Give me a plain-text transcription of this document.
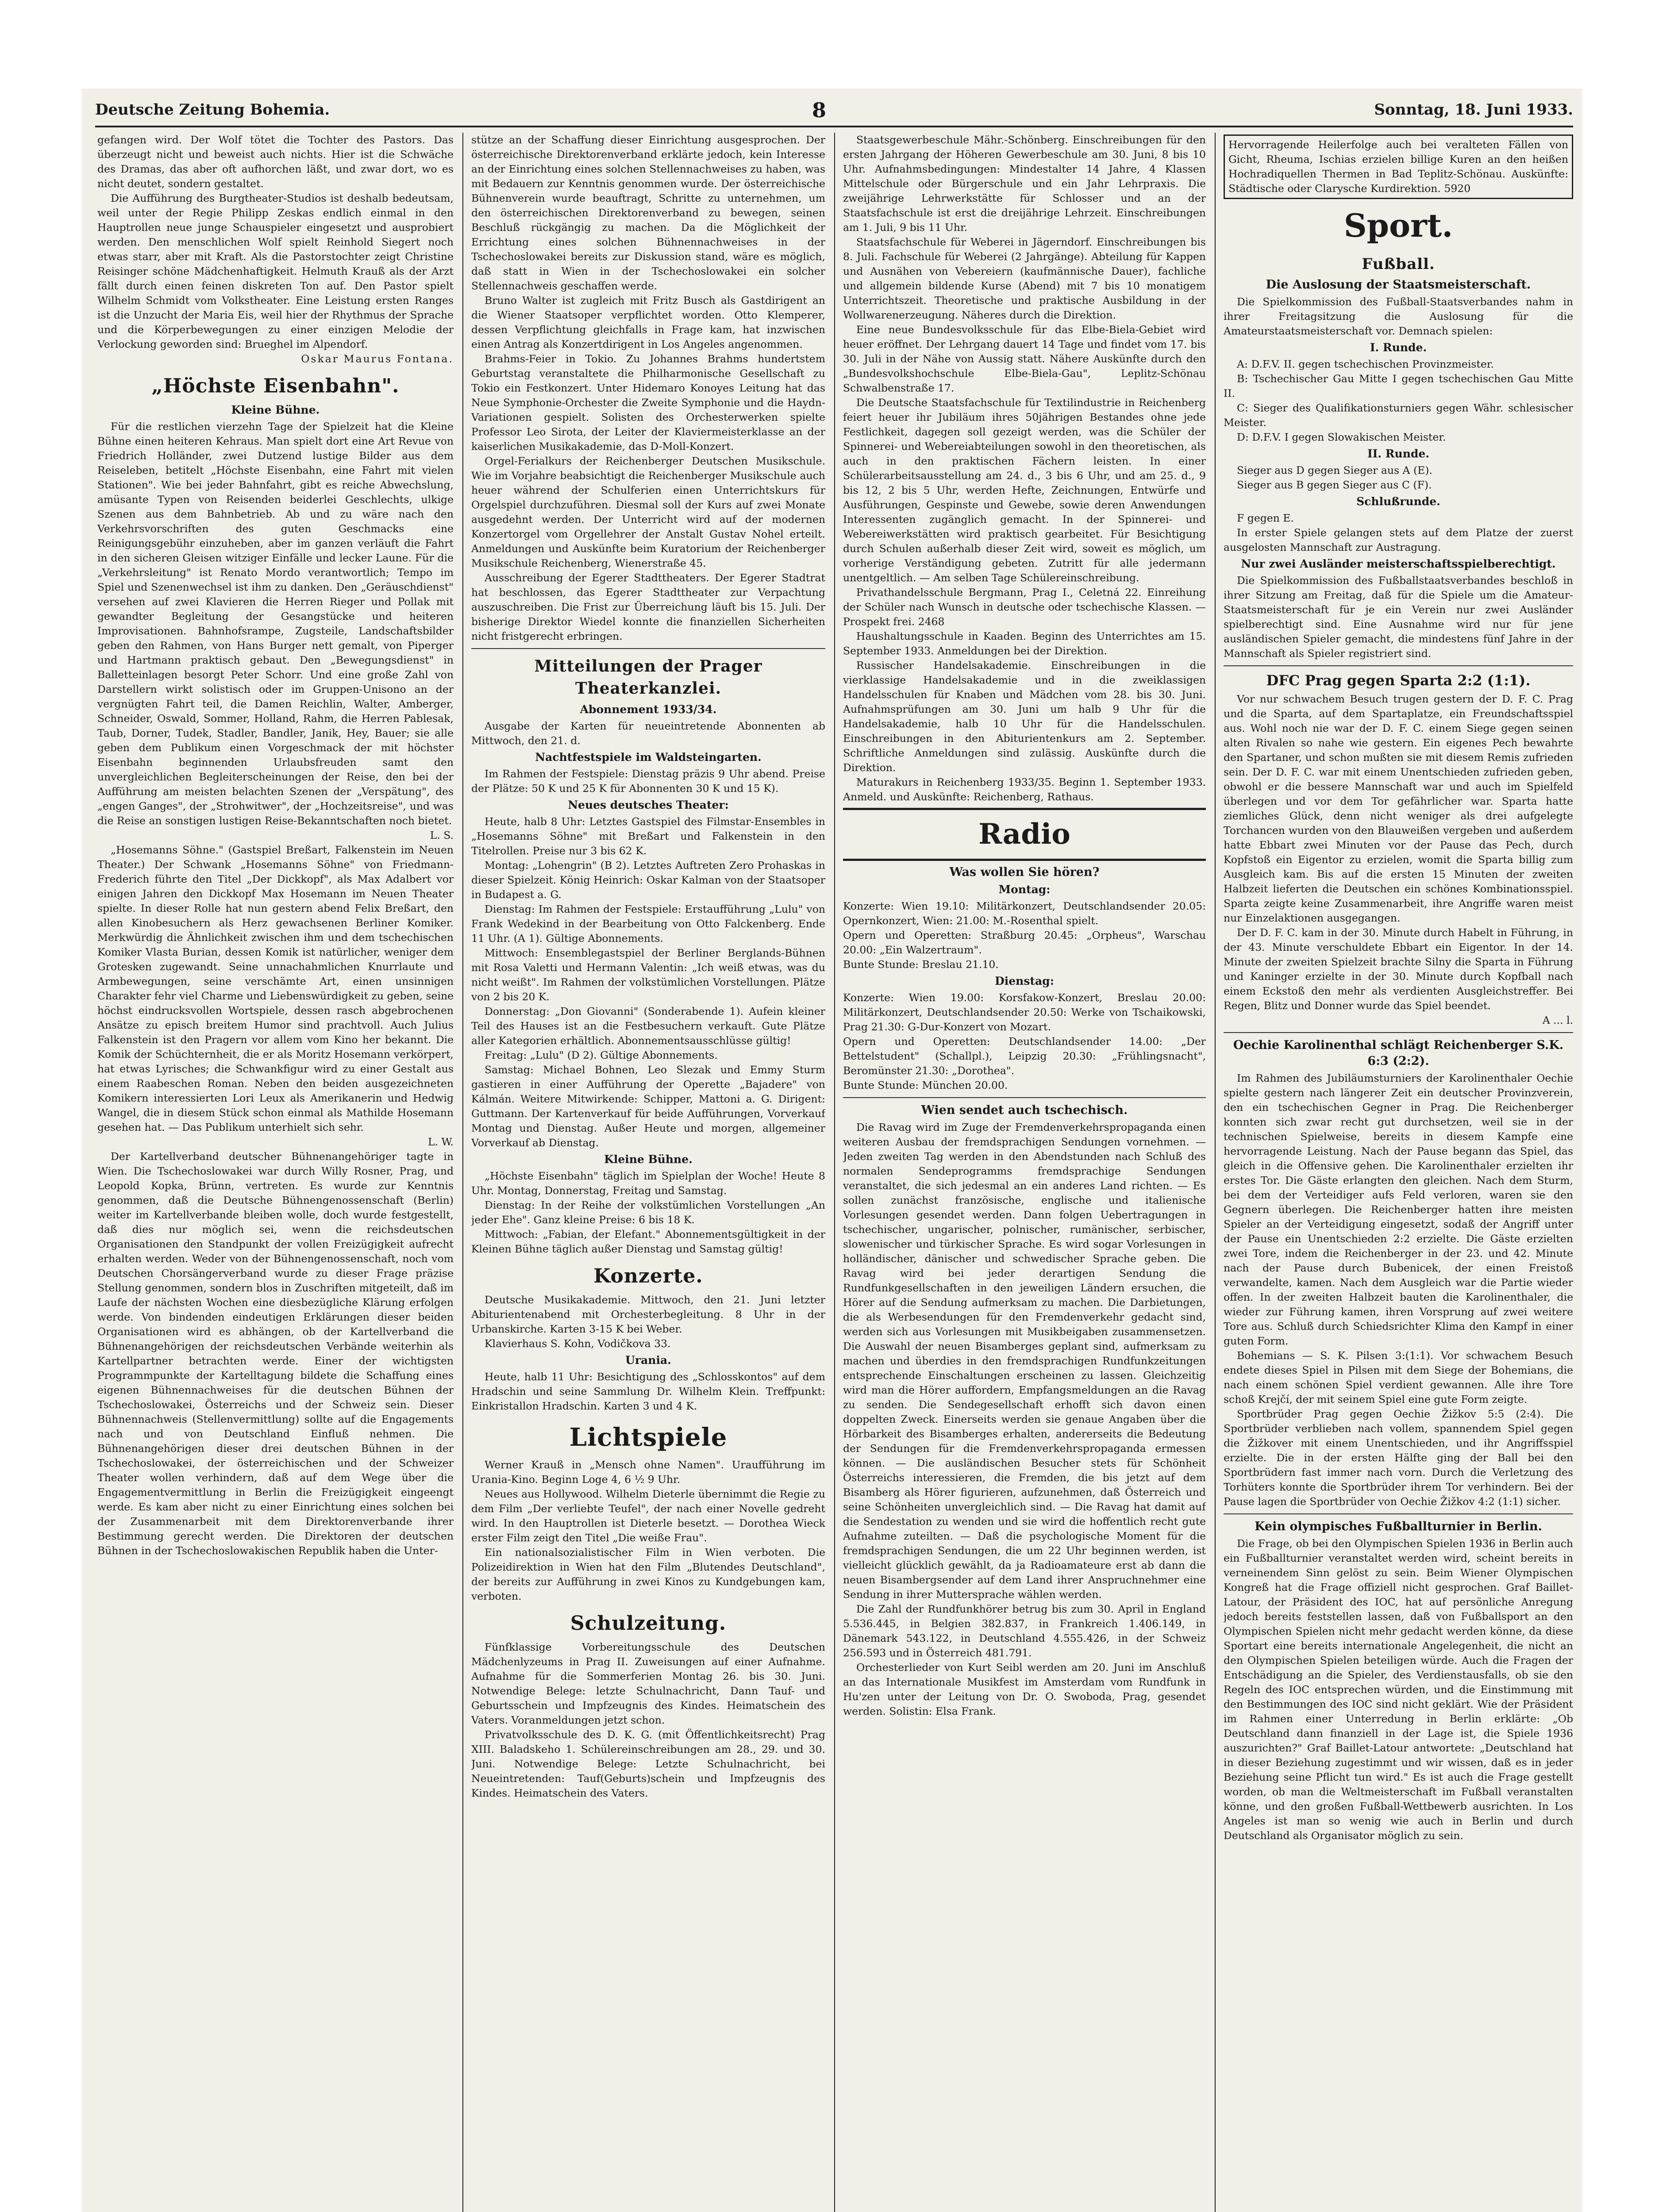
Deutsche Zeitung Bohemia.	8	Sonntag, 18. Juni 1933.

gefangen wird. Der Wolf tötet die Tochter des Pastors. Das überzeugt nicht und beweist auch nichts. Hier ist die Schwäche des Dramas, das aber oft aufhorchen läßt, und zwar dort, wo es nicht deutet, sondern gestaltet.

Die Aufführung des Burgtheater-Studios ist deshalb bedeutsam, weil unter der Regie Philipp Zeskas endlich einmal in den Hauptrollen neue junge Schauspieler eingesetzt und ausprobiert werden. Den menschlichen Wolf spielt Reinhold Siegert noch etwas starr, aber mit Kraft. Als die Pastorstochter zeigt Christine Reisinger schöne Mädchenhaftigkeit. Helmuth Krauß als der Arzt fällt durch einen feinen diskreten Ton auf. Den Pastor spielt Wilhelm Schmidt vom Volkstheater. Eine Leistung ersten Ranges ist die Unzucht der Maria Eis, weil hier der Rhythmus der Sprache und die Körperbewegungen zu einer einzigen Melodie der Verlockung geworden sind: Brueghel im Alpendorf.

Oskar Maurus Fontana.

„Höchste Eisenbahn".
Kleine Bühne.

Für die restlichen vierzehn Tage der Spielzeit hat die Kleine Bühne einen heiteren Kehraus. Man spielt dort eine Art Revue von Friedrich Holländer, zwei Dutzend lustige Bilder aus dem Reiseleben, betitelt „Höchste Eisenbahn, eine Fahrt mit vielen Stationen". Wie bei jeder Bahnfahrt, gibt es reiche Abwechslung, amüsante Typen von Reisenden beiderlei Geschlechts, ulkige Szenen aus dem Bahnbetrieb. Ab und zu wäre nach den Verkehrsvorschriften des guten Geschmacks eine Reinigungsgebühr einzuheben, aber im ganzen verläuft die Fahrt in den sicheren Gleisen witziger Einfälle und lecker Laune. Für die „Verkehrsleitung" ist Renato Mordo verantwortlich; Tempo im Spiel und Szenenwechsel ist ihm zu danken. Den „Geräuschdienst" versehen auf zwei Klavieren die Herren Rieger und Pollak mit gewandter Begleitung der Gesangstücke und heiteren Improvisationen. Bahnhofsrampe, Zugsteile, Landschaftsbilder geben den Rahmen, von Hans Burger nett gemalt, von Piperger und Hartmann praktisch gebaut. Den „Bewegungsdienst" in Balletteinlagen besorgt Peter Schorr. Und eine große Zahl von Darstellern wirkt solistisch oder im Gruppen-Unisono an der vergnügten Fahrt teil, die Damen Reichlin, Walter, Amberger, Schneider, Oswald, Sommer, Holland, Rahm, die Herren Pablesak, Taub, Dorner, Tudek, Stadler, Bandler, Janik, Hey, Bauer; sie alle geben dem Publikum einen Vorgeschmack der mit höchster Eisenbahn beginnenden Urlaubsfreuden samt den unvergleichlichen Begleiterscheinungen der Reise, den bei der Aufführung am meisten belachten Szenen der „Verspätung", des „engen Ganges", der „Strohwitwer", der „Hochzeitsreise", und was die Reise an sonstigen lustigen Reise-Bekanntschaften noch bietet.

L. S.

„Hosemanns Söhne." (Gastspiel Breßart, Falkenstein im Neuen Theater.) Der Schwank „Hosemanns Söhne" von Friedmann-Frederich führte den Titel „Der Dickkopf", als Max Adalbert vor einigen Jahren den Dickkopf Max Hosemann im Neuen Theater spielte. In dieser Rolle hat nun gestern abend Felix Breßart, den allen Kinobesuchern als Herz gewachsenen Berliner Komiker. Merkwürdig die Ähnlichkeit zwischen ihm und dem tschechischen Komiker Vlasta Burian, dessen Komik ist natürlicher, weniger dem Grotesken zugewandt. Seine unnachahmlichen Knurrlaute und Armbewegungen, seine verschämte Art, einen unsinnigen Charakter fehr viel Charme und Liebenswürdigkeit zu geben, seine höchst eindrucksvollen Wortspiele, dessen rasch abgebrochenen Ansätze zu episch breitem Humor sind prachtvoll. Auch Julius Falkenstein ist den Pragern vor allem vom Kino her bekannt. Die Komik der Schüchternheit, die er als Moritz Hosemann verkörpert, hat etwas Lyrisches; die Schwankfigur wird zu einer Gestalt aus einem Raabeschen Roman. Neben den beiden ausgezeichneten Komikern interessierten Lori Leux als Amerikanerin und Hedwig Wangel, die in diesem Stück schon einmal als Mathilde Hosemann gesehen hat. — Das Publikum unterhielt sich sehr.

L. W.

Der Kartellverband deutscher Bühnenangehöriger tagte in Wien. Die Tschechoslowakei war durch Willy Rosner, Prag, und Leopold Kopka, Brünn, vertreten. Es wurde zur Kenntnis genommen, daß die Deutsche Bühnengenossenschaft (Berlin) weiter im Kartellverbande bleiben wolle, doch wurde festgestellt, daß dies nur möglich sei, wenn die reichsdeutschen Organisationen den Standpunkt der vollen Freizügigkeit aufrecht erhalten werden. Weder von der Bühnengenossenschaft, noch vom Deutschen Chorsängerverband wurde zu dieser Frage präzise Stellung genommen, sondern blos in Zuschriften mitgeteilt, daß im Laufe der nächsten Wochen eine diesbezügliche Klärung erfolgen werde. Von bindenden eindeutigen Erklärungen dieser beiden Organisationen wird es abhängen, ob der Kartellverband die Bühnenangehörigen der reichsdeutschen Verbände weiterhin als Kartellpartner betrachten werde. Einer der wichtigsten Programmpunkte der Kartelltagung bildete die Schaffung eines eigenen Bühnennachweises für die deutschen Bühnen der Tschechoslowakei, Österreichs und der Schweiz sein. Dieser Bühnennachweis (Stellenvermittlung) sollte auf die Engagements nach und von Deutschland Einfluß nehmen. Die Bühnenangehörigen dieser drei deutschen Bühnen in der Tschechoslowakei, der österreichischen und der Schweizer Theater wollen verhindern, daß auf dem Wege über die Engagementvermittlung in Berlin die Freizügigkeit eingeengt werde. Es kam aber nicht zu einer Einrichtung eines solchen bei der Zusammenarbeit mit dem Direktorenverbande ihrer Bestimmung gerecht werden. Die Direktoren der deutschen Bühnen in der Tschechoslowakischen Republik haben die Unter-

stütze an der Schaffung dieser Einrichtung ausgesprochen. Der österreichische Direktorenverband erklärte jedoch, kein Interesse an der Einrichtung eines solchen Stellennachweises zu haben, was mit Bedauern zur Kenntnis genommen wurde. Der österreichische Bühnenverein wurde beauftragt, Schritte zu unternehmen, um den österreichischen Direktorenverband zu bewegen, seinen Beschluß rückgängig zu machen. Da die Möglichkeit der Errichtung eines solchen Bühnennachweises in der Tschechoslowakei bereits zur Diskussion stand, wäre es möglich, daß statt in Wien in der Tschechoslowakei ein solcher Stellennachweis geschaffen werde.

Bruno Walter ist zugleich mit Fritz Busch als Gastdirigent an die Wiener Staatsoper verpflichtet worden. Otto Klemperer, dessen Verpflichtung gleichfalls in Frage kam, hat inzwischen einen Antrag als Konzertdirigent in Los Angeles angenommen.

Brahms-Feier in Tokio. Zu Johannes Brahms hundertstem Geburtstag veranstaltete die Philharmonische Gesellschaft zu Tokio ein Festkonzert. Unter Hidemaro Konoyes Leitung hat das Neue Symphonie-Orchester die Zweite Symphonie und die Haydn-Variationen gespielt. Solisten des Orchesterwerken spielte Professor Leo Sirota, der Leiter der Klaviermeisterklasse an der kaiserlichen Musikakademie, das D-Moll-Konzert.

Orgel-Ferialkurs der Reichenberger Deutschen Musikschule. Wie im Vorjahre beabsichtigt die Reichenberger Musikschule auch heuer während der Schulferien einen Unterrichtskurs für Orgelspiel durchzuführen. Diesmal soll der Kurs auf zwei Monate ausgedehnt werden. Der Unterricht wird auf der modernen Konzertorgel vom Orgellehrer der Anstalt Gustav Nohel erteilt. Anmeldungen und Auskünfte beim Kuratorium der Reichenberger Musikschule Reichenberg, Wienerstraße 45.

Ausschreibung der Egerer Stadttheaters. Der Egerer Stadtrat hat beschlossen, das Egerer Stadttheater zur Verpachtung auszuschreiben. Die Frist zur Überreichung läuft bis 15. Juli. Der bisherige Direktor Wiedel konnte die finanziellen Sicherheiten nicht fristgerecht erbringen.

Mitteilungen der Prager Theaterkanzlei.
Abonnement 1933/34.

Ausgabe der Karten für neueintretende Abonnenten ab Mittwoch, den 21. d.

Nachtfestspiele im Waldsteingarten.

Im Rahmen der Festspiele: Dienstag präzis 9 Uhr abend. Preise der Plätze: 50 K und 25 K für Abonnenten 30 K und 15 K).

Neues deutsches Theater:

Heute, halb 8 Uhr: Letztes Gastspiel des Filmstar-Ensembles in „Hosemanns Söhne" mit Breßart und Falkenstein in den Titelrollen. Preise nur 3 bis 62 K.

Montag: „Lohengrin" (B 2). Letztes Auftreten Zero Prohaskas in dieser Spielzeit. König Heinrich: Oskar Kalman von der Staatsoper in Budapest a. G.

Dienstag: Im Rahmen der Festspiele: Erstaufführung „Lulu" von Frank Wedekind in der Bearbeitung von Otto Falckenberg. Ende 11 Uhr. (A 1). Gültige Abonnements.

Mittwoch: Ensemblegastspiel der Berliner Berglands-Bühnen mit Rosa Valetti und Hermann Valentin: „Ich weiß etwas, was du nicht weißt". Im Rahmen der volkstümlichen Vorstellungen. Plätze von 2 bis 20 K.

Donnerstag: „Don Giovanni" (Sonderabende 1). Aufein kleiner Teil des Hauses ist an die Festbesuchern verkauft. Gute Plätze aller Kategorien erhältlich. Abonnementsausschlüsse gültig!

Freitag: „Lulu" (D 2). Gültige Abonnements.

Samstag: Michael Bohnen, Leo Slezak und Emmy Sturm gastieren in einer Aufführung der Operette „Bajadere" von Kálmán. Weitere Mitwirkende: Schipper, Mattoni a. G. Dirigent: Guttmann. Der Kartenverkauf für beide Aufführungen, Vorverkauf Montag und Dienstag. Außer Heute und morgen, allgemeiner Vorverkauf ab Dienstag.

Kleine Bühne.

„Höchste Eisenbahn" täglich im Spielplan der Woche! Heute 8 Uhr. Montag, Donnerstag, Freitag und Samstag.

Dienstag: In der Reihe der volkstümlichen Vorstellungen „An jeder Ehe". Ganz kleine Preise: 6 bis 18 K.

Mittwoch: „Fabian, der Elefant." Abonnementsgültigkeit in der Kleinen Bühne täglich außer Dienstag und Samstag gültig!

Konzerte.

Deutsche Musikakademie. Mittwoch, den 21. Juni letzter Abiturientenabend mit Orchesterbegleitung. 8 Uhr in der Urbanskirche. Karten 3-15 K bei Weber.

Klavierhaus S. Kohn, Vodičkova 33.

Urania.

Heute, halb 11 Uhr: Besichtigung des „Schlosskontos" auf dem Hradschin und seine Sammlung Dr. Wilhelm Klein. Treffpunkt: Einkristallon Hradschin. Karten 3 und 4 K.

Lichtspiele

Werner Krauß in „Mensch ohne Namen". Uraufführung im Urania-Kino. Beginn Loge 4, 6 ½ 9 Uhr.

Neues aus Hollywood. Wilhelm Dieterle übernimmt die Regie zu dem Film „Der verliebte Teufel", der nach einer Novelle gedreht wird. In den Hauptrollen ist Dieterle besetzt. — Dorothea Wieck erster Film zeigt den Titel „Die weiße Frau".

Ein nationalsozialistischer Film in Wien verboten. Die Polizeidirektion in Wien hat den Film „Blutendes Deutschland", der bereits zur Aufführung in zwei Kinos zu Kundgebungen kam, verboten.

Schulzeitung.

Fünfklassige Vorbereitungsschule des Deutschen Mädchenlyzeums in Prag II. Zuweisungen auf einer Aufnahme. Aufnahme für die Sommerferien Montag 26. bis 30. Juni. Notwendige Belege: letzte Schulnachricht, Dann Tauf- und Geburtsschein und Impfzeugnis des Kindes. Heimatschein des Vaters. Voranmeldungen jetzt schon.

Privatvolksschule des D. K. G. (mit Öffentlichkeitsrecht) Prag XIII. Baladskeho 1. Schülereinschreibungen am 28., 29. und 30. Juni. Notwendige Belege: Letzte Schulnachricht, bei Neueintretenden: Tauf(Geburts)schein und Impfzeugnis des Kindes. Heimatschein des Vaters.

Staatsgewerbeschule Mähr.-Schönberg. Einschreibungen für den ersten Jahrgang der Höheren Gewerbeschule am 30. Juni, 8 bis 10 Uhr. Aufnahmsbedingungen: Mindestalter 14 Jahre, 4 Klassen Mittelschule oder Bürgerschule und ein Jahr Lehrpraxis. Die zweijährige Lehrwerkstätte für Schlosser und an der Staatsfachschule ist erst die dreijährige Lehrzeit. Einschreibungen am 1. Juli, 9 bis 11 Uhr.

Staatsfachschule für Weberei in Jägerndorf. Einschreibungen bis 8. Juli. Fachschule für Weberei (2 Jahrgänge). Abteilung für Kappen und Ausnähen von Vebereiern (kaufmännische Dauer), fachliche und allgemein bildende Kurse (Abend) mit 7 bis 10 monatigem Unterrichtszeit. Theoretische und praktische Ausbildung in der Wollwarenerzeugung. Näheres durch die Direktion.

Eine neue Bundesvolksschule für das Elbe-Biela-Gebiet wird heuer eröffnet. Der Lehrgang dauert 14 Tage und findet vom 17. bis 30. Juli in der Nähe von Aussig statt. Nähere Auskünfte durch den „Bundesvolkshochschule Elbe-Biela-Gau", Leplitz-Schönau Schwalbenstraße 17.

Die Deutsche Staatsfachschule für Textilindustrie in Reichenberg feiert heuer ihr Jubiläum ihres 50jährigen Bestandes ohne jede Festlichkeit, dagegen soll gezeigt werden, was die Schüler der Spinnerei- und Webereiabteilungen sowohl in den theoretischen, als auch in den praktischen Fächern leisten. In einer Schülerarbeitsausstellung am 24. d., 3 bis 6 Uhr, und am 25. d., 9 bis 12, 2 bis 5 Uhr, werden Hefte, Zeichnungen, Entwürfe und Ausführungen, Gespinste und Gewebe, sowie deren Anwendungen Interessenten zugänglich gemacht. In der Spinnerei- und Webereiwerkstätten wird praktisch gearbeitet. Für Besichtigung durch Schulen außerhalb dieser Zeit wird, soweit es möglich, um vorherige Verständigung gebeten. Zutritt für alle jedermann unentgeltlich. — Am selben Tage Schülereinschreibung.

Privathandelsschule Bergmann, Prag I., Celetná 22. Einreihung der Schüler nach Wunsch in deutsche oder tschechische Klassen. — Prospekt frei. 2468

Haushaltungsschule in Kaaden. Beginn des Unterrichtes am 15. September 1933. Anmeldungen bei der Direktion.

Russischer Handelsakademie. Einschreibungen in die vierklassige Handelsakademie und in die zweiklassigen Handelsschulen für Knaben und Mädchen vom 28. bis 30. Juni. Aufnahmsprüfungen am 30. Juni um halb 9 Uhr für die Handelsakademie, halb 10 Uhr für die Handelsschulen. Einschreibungen in den Abiturientenkurs am 2. September. Schriftliche Anmeldungen sind zulässig. Auskünfte durch die Direktion.

Maturakurs in Reichenberg 1933/35. Beginn 1. September 1933. Anmeld. und Auskünfte: Reichenberg, Rathaus.

Radio
Was wollen Sie hören?
Montag:

Konzerte: Wien 19.10: Militärkonzert, Deutschlandsender 20.05: Opernkonzert, Wien: 21.00: M.-Rosenthal spielt.

Opern und Operetten: Straßburg 20.45: „Orpheus", Warschau 20.00: „Ein Walzertraum".

Bunte Stunde: Breslau 21.10.

Dienstag:

Konzerte: Wien 19.00: Korsfakow-Konzert, Breslau 20.00: Militärkonzert, Deutschlandsender 20.50: Werke von Tschaikowski, Prag 21.30: G-Dur-Konzert von Mozart.

Opern und Operetten: Deutschlandsender 14.00: „Der Bettelstudent" (Schallpl.), Leipzig 20.30: „Frühlingsnacht", Beromünster 21.30: „Dorothea".

Bunte Stunde: München 20.00.

Wien sendet auch tschechisch.

Die Ravag wird im Zuge der Fremdenverkehrspropaganda einen weiteren Ausbau der fremdsprachigen Sendungen vornehmen. — Jeden zweiten Tag werden in den Abendstunden nach Schluß des normalen Sendeprogramms fremdsprachige Sendungen veranstaltet, die sich jedesmal an ein anderes Land richten. — Es sollen zunächst französische, englische und italienische Vorlesungen gesendet werden. Dann folgen Uebertragungen in tschechischer, ungarischer, polnischer, rumänischer, serbischer, slowenischer und türkischer Sprache. Es wird sogar Vorlesungen in holländischer, dänischer und schwedischer Sprache geben. Die Ravag wird bei jeder derartigen Sendung die Rundfunkgesellschaften in den jeweiligen Ländern ersuchen, die Hörer auf die Sendung aufmerksam zu machen. Die Darbietungen, die als Werbesendungen für den Fremdenverkehr gedacht sind, werden sich aus Vorlesungen mit Musikbeigaben zusammensetzen. Die Auswahl der neuen Bisamberges geplant sind, aufmerksam zu machen und überdies in den fremdsprachigen Rundfunkzeitungen entsprechende Einschaltungen erscheinen zu lassen. Gleichzeitig wird man die Hörer auffordern, Empfangsmeldungen an die Ravag zu senden. Die Sendegesellschaft erhofft sich davon einen doppelten Zweck. Einerseits werden sie genaue Angaben über die Hörbarkeit des Bisamberges erhalten, andererseits die Bedeutung der Sendungen für die Fremdenverkehrspropaganda ermessen können. — Die ausländischen Besucher stets für Schönheit Österreichs interessieren, die Fremden, die bis jetzt auf dem Bisamberg als Hörer figurieren, aufzunehmen, daß Österreich und seine Schönheiten unvergleichlich sind. — Die Ravag hat damit auf die Sendestation zu wenden und sie wird die hoffentlich recht gute Aufnahme zuteilten. — Daß die psychologische Moment für die fremdsprachigen Sendungen, die um 22 Uhr beginnen werden, ist vielleicht glücklich gewählt, da ja Radioamateure erst ab dann die neuen Bisambergsender auf dem Land ihrer Anspruchnehmer eine Sendung in ihrer Muttersprache wählen werden.

Die Zahl der Rundfunkhörer betrug bis zum 30. April in England 5.536.445, in Belgien 382.837, in Frankreich 1.406.149, in Dänemark 543.122, in Deutschland 4.555.426, in der Schweiz 256.593 und in Österreich 481.791.

Orchesterlieder von Kurt Seibl werden am 20. Juni im Anschluß an das Internationale Musikfest im Amsterdam vom Rundfunk in Hu'zen unter der Leitung von Dr. O. Swoboda, Prag, gesendet werden. Solistin: Elsa Frank.

Hervorragende Heilerfolge auch bei veralteten Fällen von Gicht, Rheuma, Ischias erzielen billige Kuren an den heißen Hochradiquellen Thermen in Bad Teplitz-Schönau. Auskünfte: Städtische oder Clarysche Kurdirektion. 5920

Sport.
Fußball.
Die Auslosung der Staatsmeisterschaft.

Die Spielkommission des Fußball-Staatsverbandes nahm in ihrer Freitagsitzung die Auslosung für die Amateurstaatsmeisterschaft vor. Demnach spielen:

I. Runde.

A: D.F.V. II. gegen tschechischen Provinzmeister.

B: Tschechischer Gau Mitte I gegen tschechischen Gau Mitte II.

C: Sieger des Qualifikationsturniers gegen Währ. schlesischer Meister.

D: D.F.V. I gegen Slowakischen Meister.

II. Runde.

Sieger aus D gegen Sieger aus A (E).

Sieger aus B gegen Sieger aus C (F).

Schlußrunde.

F gegen E.

In erster Spiele gelangen stets auf dem Platze der zuerst ausgelosten Mannschaft zur Austragung.

Nur zwei Ausländer meisterschaftsspielberechtigt.

Die Spielkommission des Fußballstaatsverbandes beschloß in ihrer Sitzung am Freitag, daß für die Spiele um die Amateur-Staatsmeisterschaft für je ein Verein nur zwei Ausländer spielberechtigt sind. Eine Ausnahme wird nur für jene ausländischen Spieler gemacht, die mindestens fünf Jahre in der Mannschaft als Spieler registriert sind.

DFC Prag gegen Sparta 2:2 (1:1).

Vor nur schwachem Besuch trugen gestern der D. F. C. Prag und die Sparta, auf dem Spartaplatze, ein Freundschaftsspiel aus. Wohl noch nie war der D. F. C. einem Siege gegen seinen alten Rivalen so nahe wie gestern. Ein eigenes Pech bewahrte den Spartaner, und schon mußten sie mit diesem Remis zufrieden sein. Der D. F. C. war mit einem Unentschieden zufrieden geben, obwohl er die bessere Mannschaft war und auch im Spielfeld überlegen und vor dem Tor gefährlicher war. Sparta hatte ziemliches Glück, denn nicht weniger als drei aufgelegte Torchancen wurden von den Blauweißen vergeben und außerdem hatte Ebbart zwei Minuten vor der Pause das Pech, durch Kopfstoß ein Eigentor zu erzielen, womit die Sparta billig zum Ausgleich kam. Bis auf die ersten 15 Minuten der zweiten Halbzeit lieferten die Deutschen ein schönes Kombinationsspiel. Sparta zeigte keine Zusammenarbeit, ihre Angriffe waren meist nur Einzelaktionen ausgegangen.

Der D. F. C. kam in der 30. Minute durch Habelt in Führung, in der 43. Minute verschuldete Ebbart ein Eigentor. In der 14. Minute der zweiten Spielzeit brachte Silny die Sparta in Führung und Kaninger erzielte in der 30. Minute durch Kopfball nach einem Eckstoß den mehr als verdienten Ausgleichstreffer. Bei Regen, Blitz und Donner wurde das Spiel beendet.

A ... l.

Oechie Karolinenthal schlägt Reichenberger S.K. 6:3 (2:2).

Im Rahmen des Jubiläumsturniers der Karolinenthaler Oechie spielte gestern nach längerer Zeit ein deutscher Provinzverein, den ein tschechischen Gegner in Prag. Die Reichenberger konnten sich zwar recht gut durchsetzen, weil sie in der technischen Spielweise, bereits in diesem Kampfe eine hervorragende Leistung. Nach der Pause begann das Spiel, das gleich in die Offensive gehen. Die Karolinenthaler erzielten ihr erstes Tor. Die Gäste erlangten den gleichen. Nach dem Sturm, bei dem der Verteidiger aufs Feld verloren, waren sie den Gegnern überlegen. Die Reichenberger hatten ihre meisten Spieler an der Verteidigung eingesetzt, sodaß der Angriff unter der Pause ein Unentschieden 2:2 erzielte. Die Gäste erzielten zwei Tore, indem die Reichenberger in der 23. und 42. Minute nach der Pause durch Bubenicek, der einen Freistoß verwandelte, kamen. Nach dem Ausgleich war die Partie wieder offen. In der zweiten Halbzeit bauten die Karolinenthaler, die wieder zur Führung kamen, ihren Vorsprung auf zwei weitere Tore aus. Schluß durch Schiedsrichter Klima den Kampf in einer guten Form.

Bohemians — S. K. Pilsen 3:(1:1). Vor schwachem Besuch endete dieses Spiel in Pilsen mit dem Siege der Bohemians, die nach einem schönen Spiel verdient gewannen. Alle ihre Tore schoß Krejčí, der mit seinem Spiel eine gute Form zeigte.

Sportbrüder Prag gegen Oechie Žižkov 5:5 (2:4). Die Sportbrüder verblieben nach vollem, spannendem Spiel gegen die Žižkover mit einem Unentschieden, und ihr Angriffsspiel erzielte. Die in der ersten Hälfte ging der Ball bei den Sportbrüdern fast immer nach vorn. Durch die Verletzung des Torhüters konnte die Sportbrüder ihrem Tor verhindern. Bei der Pause lagen die Sportbrüder von Oechie Žižkov 4:2 (1:1) sicher.

Kein olympisches Fußballturnier in Berlin.

Die Frage, ob bei den Olympischen Spielen 1936 in Berlin auch ein Fußballturnier veranstaltet werden wird, scheint bereits in verneinendem Sinn gelöst zu sein. Beim Wiener Olympischen Kongreß hat die Frage offiziell nicht gesprochen. Graf Baillet-Latour, der Präsident des IOC, hat auf persönliche Anregung jedoch bereits feststellen lassen, daß von Fußballsport an den Olympischen Spielen nicht mehr gedacht werden könne, da diese Sportart eine bereits internationale Angelegenheit, die nicht an den Olympischen Spielen beteiligen würde. Auch die Fragen der Entschädigung an die Spieler, des Verdienstausfalls, ob sie den Regeln des IOC entsprechen würden, und die Einstimmung mit den Bestimmungen des IOC sind nicht geklärt. Wie der Präsident im Rahmen einer Unterredung in Berlin erklärte: „Ob Deutschland dann finanziell in der Lage ist, die Spiele 1936 auszurichten?" Graf Baillet-Latour antwortete: „Deutschland hat in dieser Beziehung zugestimmt und wir wissen, daß es in jeder Beziehung seine Pflicht tun wird." Es ist auch die Frage gestellt worden, ob man die Weltmeisterschaft im Fußball veranstalten könne, und den großen Fußball-Wettbewerb ausrichten. In Los Angeles ist man so wenig wie auch in Berlin und durch Deutschland als Organisator möglich zu sein.
